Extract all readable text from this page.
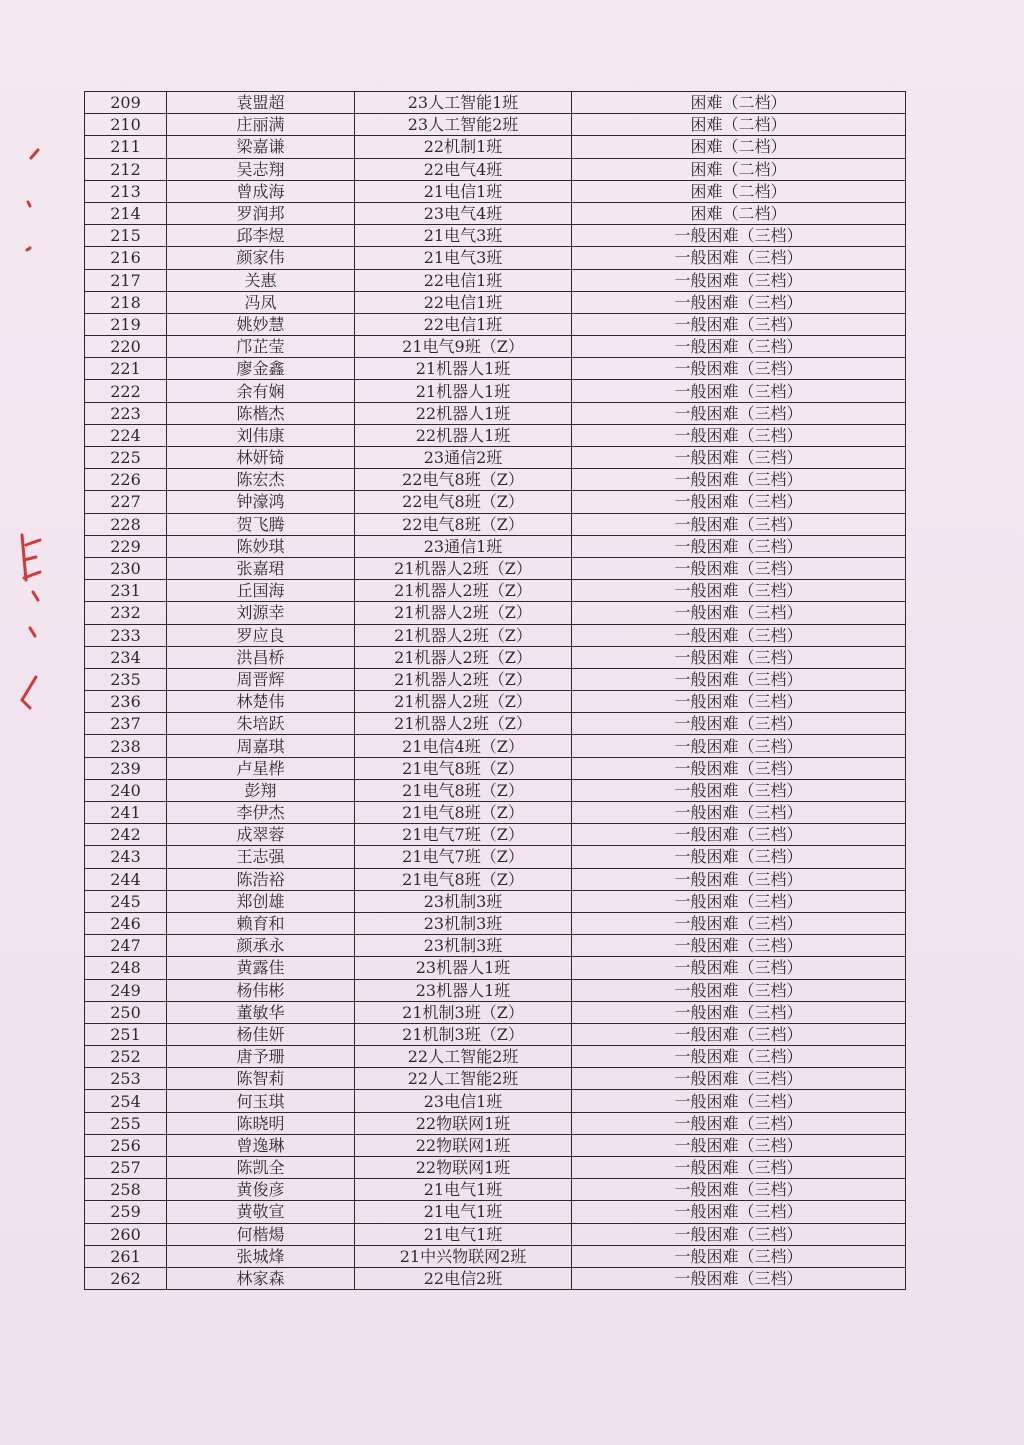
209	袁盟超	23人工智能1班	困难（二档）
210	庄丽满	23人工智能2班	困难（二档）
211	梁嘉谦	22机制1班	困难（二档）
212	吴志翔	22电气4班	困难（二档）
213	曾成海	21电信1班	困难（二档）
214	罗润邦	23电气4班	困难（二档）
215	邱李煜	21电气3班	一般困难（三档）
216	颜家伟	21电气3班	一般困难（三档）
217	关惠	22电信1班	一般困难（三档）
218	冯凤	22电信1班	一般困难（三档）
219	姚妙慧	22电信1班	一般困难（三档）
220	邝芷莹	21电气9班（Z）	一般困难（三档）
221	廖金鑫	21机器人1班	一般困难（三档）
222	余有娴	21机器人1班	一般困难（三档）
223	陈楷杰	22机器人1班	一般困难（三档）
224	刘伟康	22机器人1班	一般困难（三档）
225	林妍锜	23通信2班	一般困难（三档）
226	陈宏杰	22电气8班（Z）	一般困难（三档）
227	钟濠鸿	22电气8班（Z）	一般困难（三档）
228	贺飞腾	22电气8班（Z）	一般困难（三档）
229	陈妙琪	23通信1班	一般困难（三档）
230	张嘉珺	21机器人2班（Z）	一般困难（三档）
231	丘国海	21机器人2班（Z）	一般困难（三档）
232	刘源幸	21机器人2班（Z）	一般困难（三档）
233	罗应良	21机器人2班（Z）	一般困难（三档）
234	洪昌桥	21机器人2班（Z）	一般困难（三档）
235	周晋辉	21机器人2班（Z）	一般困难（三档）
236	林楚伟	21机器人2班（Z）	一般困难（三档）
237	朱培跃	21机器人2班（Z）	一般困难（三档）
238	周嘉琪	21电信4班（Z）	一般困难（三档）
239	卢星桦	21电气8班（Z）	一般困难（三档）
240	彭翔	21电气8班（Z）	一般困难（三档）
241	李伊杰	21电气8班（Z）	一般困难（三档）
242	成翠蓉	21电气7班（Z）	一般困难（三档）
243	王志强	21电气7班（Z）	一般困难（三档）
244	陈浩裕	21电气8班（Z）	一般困难（三档）
245	郑创雄	23机制3班	一般困难（三档）
246	赖育和	23机制3班	一般困难（三档）
247	颜承永	23机制3班	一般困难（三档）
248	黄露佳	23机器人1班	一般困难（三档）
249	杨伟彬	23机器人1班	一般困难（三档）
250	董敏华	21机制3班（Z）	一般困难（三档）
251	杨佳妍	21机制3班（Z）	一般困难（三档）
252	唐予珊	22人工智能2班	一般困难（三档）
253	陈智莉	22人工智能2班	一般困难（三档）
254	何玉琪	23电信1班	一般困难（三档）
255	陈晓明	22物联网1班	一般困难（三档）
256	曾逸琳	22物联网1班	一般困难（三档）
257	陈凯全	22物联网1班	一般困难（三档）
258	黄俊彦	21电气1班	一般困难（三档）
259	黄敬宣	21电气1班	一般困难（三档）
260	何楷煬	21电气1班	一般困难（三档）
261	张城烽	21中兴物联网2班	一般困难（三档）
262	林家森	22电信2班	一般困难（三档）
